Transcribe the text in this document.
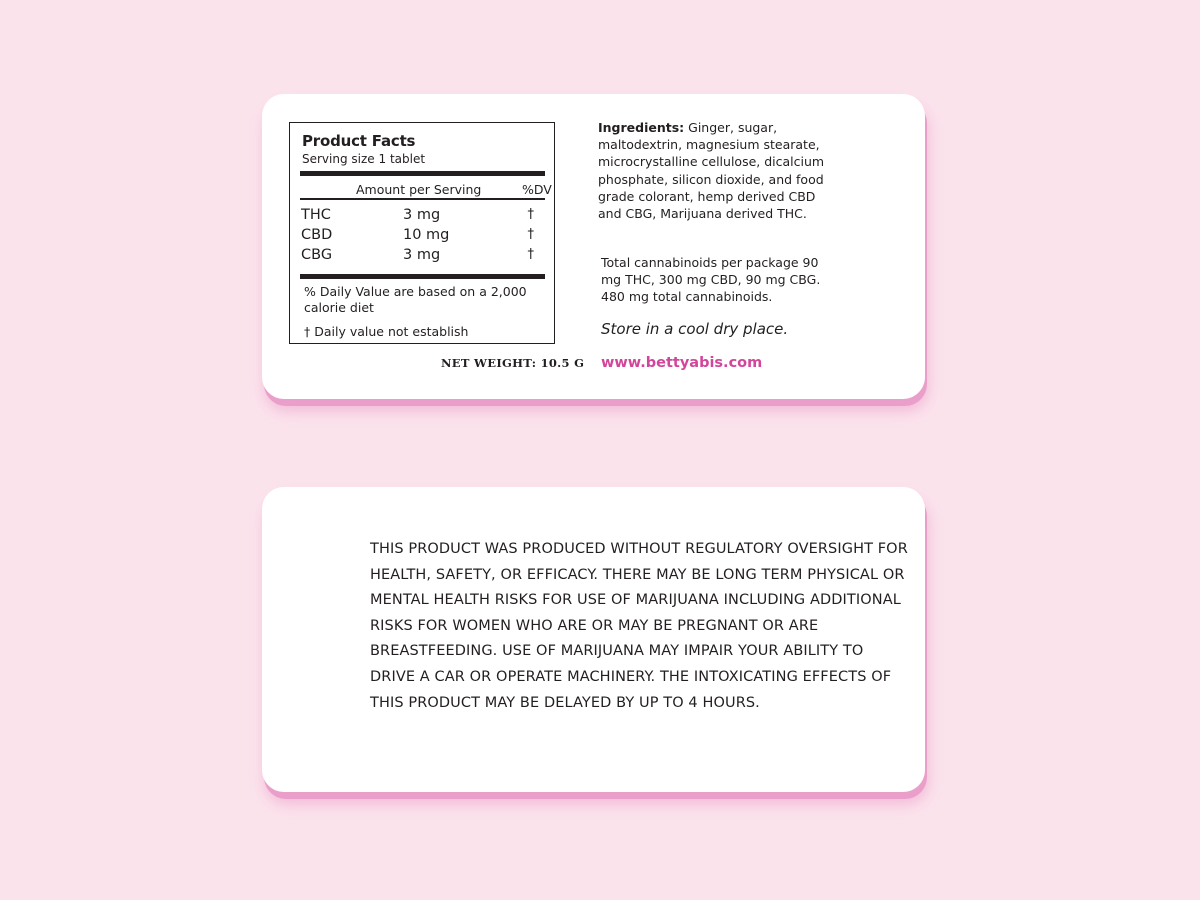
Product Facts
Serving size 1 tablet
Amount per Serving	%DV
THC	3 mg	†
CBD	10 mg	†
CBG	3 mg	†
% Daily Value are based on a 2,000 calorie diet
† Daily value not establish
NET WEIGHT: 10.5 G
Ingredients: Ginger, sugar, maltodextrin, magnesium stearate, microcrystalline cellulose, dicalcium phosphate, silicon dioxide, and food grade colorant, hemp derived CBD and CBG, Marijuana derived THC.
Total cannabinoids per package 90 mg THC, 300 mg CBD, 90 mg CBG. 480 mg total cannabinoids.
Store in a cool dry place.
www.bettyabis.com
THIS PRODUCT WAS PRODUCED WITHOUT REGULATORY OVERSIGHT FOR HEALTH, SAFETY, OR EFFICACY. THERE MAY BE LONG TERM PHYSICAL OR MENTAL HEALTH RISKS FOR USE OF MARIJUANA INCLUDING ADDITIONAL RISKS FOR WOMEN WHO ARE OR MAY BE PREGNANT OR ARE BREASTFEEDING. USE OF MARIJUANA MAY IMPAIR YOUR ABILITY TO DRIVE A CAR OR OPERATE MACHINERY. THE INTOXICATING EFFECTS OF THIS PRODUCT MAY BE DELAYED BY UP TO 4 HOURS.
